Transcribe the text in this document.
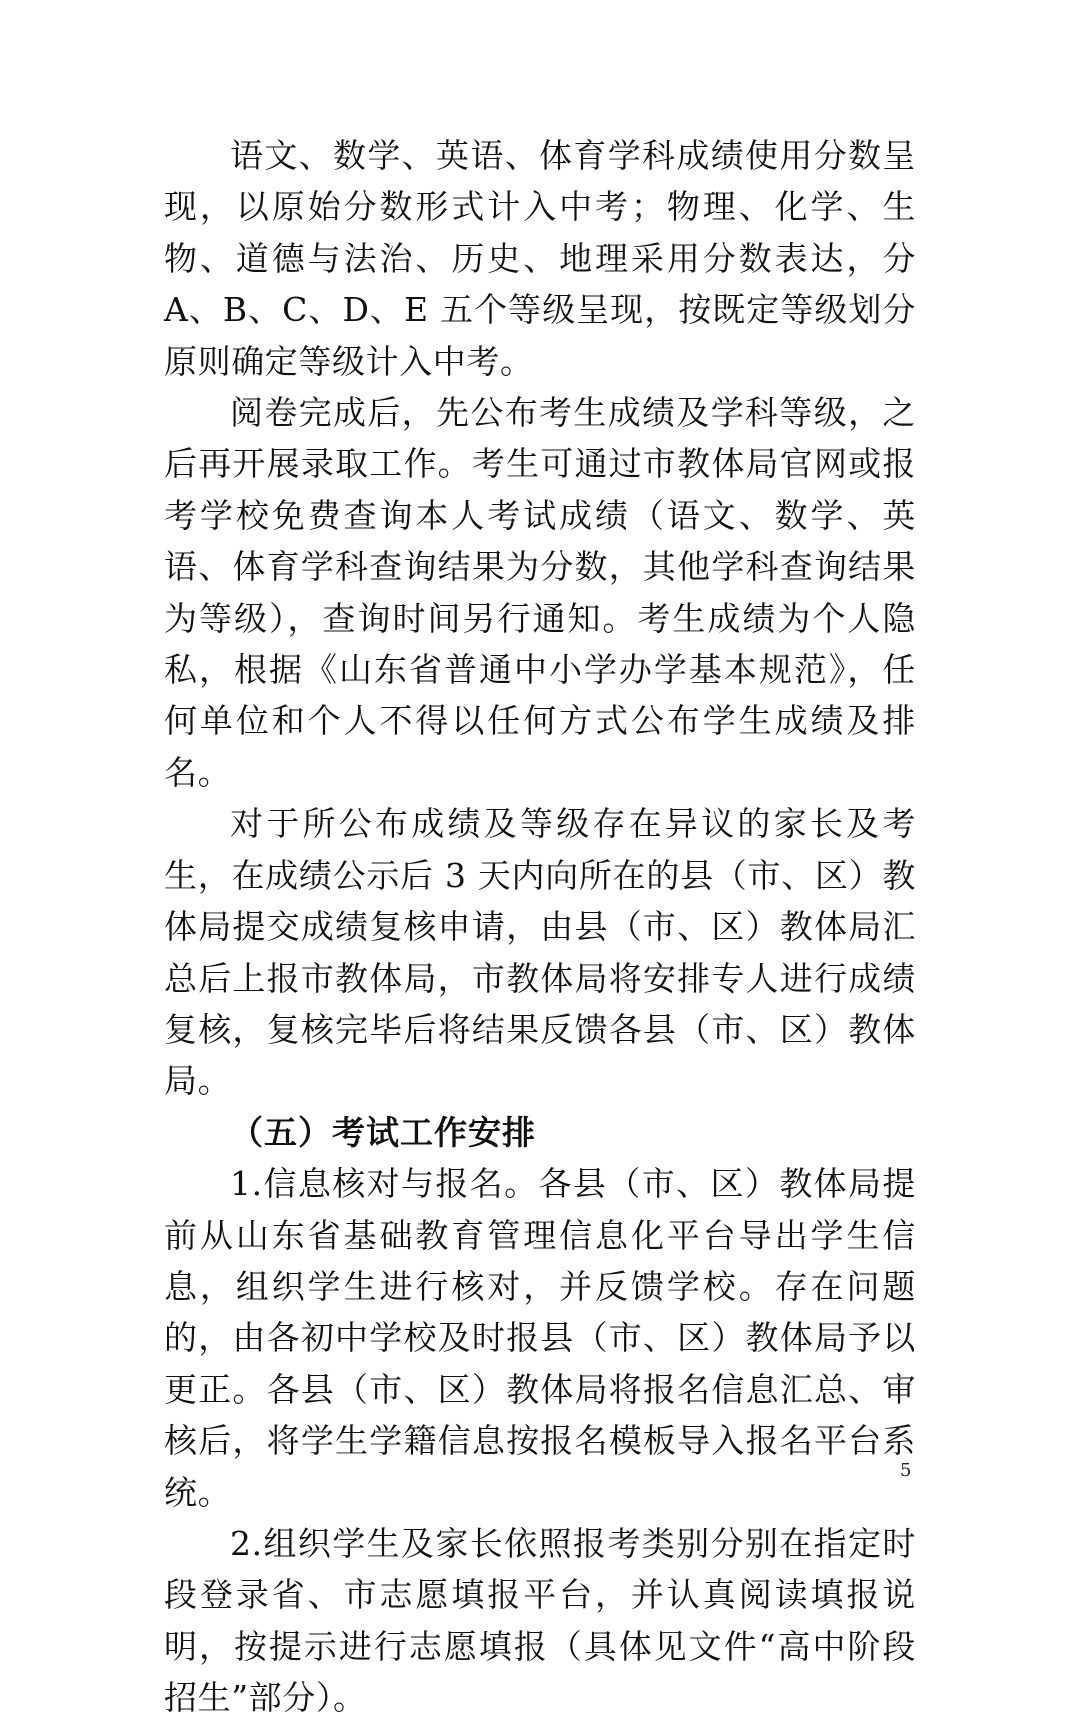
语文、数学、英语、体育学科成绩使用分数呈现，以原始分数形式计入中考；物理、化学、生物、道德与法治、历史、地理采用分数表达，分 A、B、C、D、E 五个等级呈现，按既定等级划分原则确定等级计入中考。

阅卷完成后，先公布考生成绩及学科等级，之后再开展录取工作。考生可通过市教体局官网或报考学校免费查询本人考试成绩（语文、数学、英语、体育学科查询结果为分数，其他学科查询结果为等级），查询时间另行通知。考生成绩为个人隐私，根据《山东省普通中小学办学基本规范》，任何单位和个人不得以任何方式公布学生成绩及排名。

对于所公布成绩及等级存在异议的家长及考生，在成绩公示后 3 天内向所在的县（市、区）教体局提交成绩复核申请，由县（市、区）教体局汇总后上报市教体局，市教体局将安排专人进行成绩复核，复核完毕后将结果反馈各县（市、区）教体局。

（五）考试工作安排

1.信息核对与报名。各县（市、区）教体局提前从山东省基础教育管理信息化平台导出学生信息，组织学生进行核对，并反馈学校。存在问题的，由各初中学校及时报县（市、区）教体局予以更正。各县（市、区）教体局将报名信息汇总、审核后，将学生学籍信息按报名模板导入报名平台系统。

2.组织学生及家长依照报考类别分别在指定时段登录省、市志愿填报平台，并认真阅读填报说明，按提示进行志愿填报（具体见文件“高中阶段招生”部分）。

5
